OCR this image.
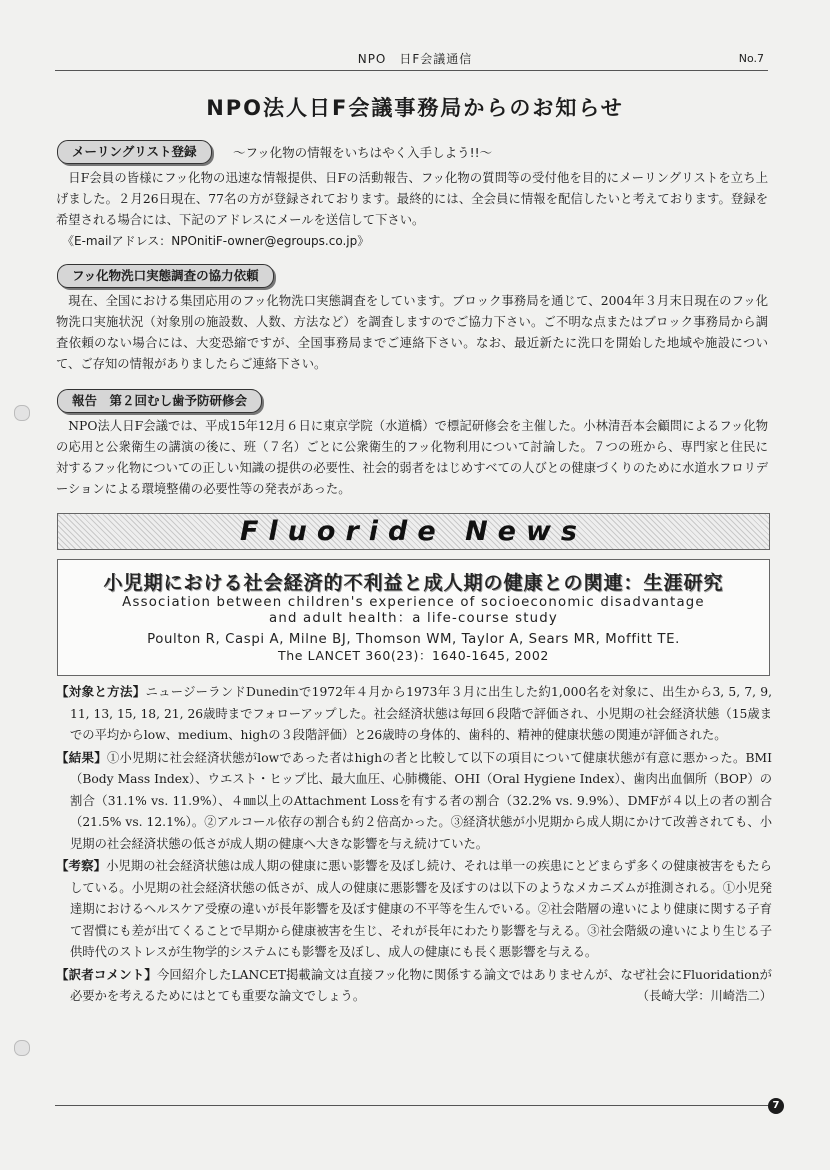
NPO　日F会議通信	No.7
NPO法人日F会議事務局からのお知らせ
メーリングリスト登録	～フッ化物の情報をいちはやく入手しよう!!～

日F会員の皆様にフッ化物の迅速な情報提供、日Fの活動報告、フッ化物の質問等の受付他を目的にメーリングリストを立ち上げました。２月26日現在、77名の方が登録されております。最終的には、全会員に情報を配信したいと考えております。登録を希望される場合には、下記のアドレスにメールを送信して下さい。

《E-mailアドレス：NPOnitiF-owner@egroups.co.jp》
フッ化物洗口実態調査の協力依頼

現在、全国における集団応用のフッ化物洗口実態調査をしています。ブロック事務局を通じて、2004年３月末日現在のフッ化物洗口実施状況（対象別の施設数、人数、方法など）を調査しますのでご協力下さい。ご不明な点またはブロック事務局から調査依頼のない場合には、大変恐縮ですが、全国事務局までご連絡下さい。なお、最近新たに洗口を開始した地域や施設について、ご存知の情報がありましたらご連絡下さい。

報告　第２回むし歯予防研修会

NPO法人日F会議では、平成15年12月６日に東京学院（水道橋）で標記研修会を主催した。小林清吾本会顧問によるフッ化物の応用と公衆衛生の講演の後に、班（７名）ごとに公衆衛生的フッ化物利用について討論した。７つの班から、専門家と住民に対するフッ化物についての正しい知識の提供の必要性、社会的弱者をはじめすべての人びとの健康づくりのために水道水フロリデーションによる環境整備の必要性等の発表があった。

Fluoride News
小児期における社会経済的不利益と成人期の健康との関連：生涯研究
Association between children's experience of socioeconomic disadvantage
and adult health：a life-course study
Poulton R, Caspi A, Milne BJ, Thomson WM, Taylor A, Sears MR, Moffitt TE.
The LANCET 360(23)：1640-1645, 2002

【対象と方法】ニュージーランドDunedinで1972年４月から1973年３月に出生した約1,000名を対象に、出生から3, 5, 7, 9, 11, 13, 15, 18, 21, 26歳時までフォローアップした。社会経済状態は毎回６段階で評価され、小児期の社会経済状態（15歳までの平均からlow、medium、highの３段階評価）と26歳時の身体的、歯科的、精神的健康状態の関連が評価された。

【結果】①小児期に社会経済状態がlowであった者はhighの者と比較して以下の項目について健康状態が有意に悪かった。BMI（Body Mass Index）、ウエスト・ヒップ比、最大血圧、心肺機能、OHI（Oral Hygiene Index）、歯肉出血個所（BOP）の割合（31.1% vs. 11.9%）、４㎜以上のAttachment Lossを有する者の割合（32.2% vs. 9.9%）、DMFが４以上の者の割合（21.5% vs. 12.1%）。②アルコール依存の割合も約２倍高かった。③経済状態が小児期から成人期にかけて改善されても、小児期の社会経済状態の低さが成人期の健康へ大きな影響を与え続けていた。

【考察】小児期の社会経済状態は成人期の健康に悪い影響を及ぼし続け、それは単一の疾患にとどまらず多くの健康被害をもたらしている。小児期の社会経済状態の低さが、成人の健康に悪影響を及ぼすのは以下のようなメカニズムが推測される。①小児発達期におけるヘルスケア受療の違いが長年影響を及ぼす健康の不平等を生んでいる。②社会階層の違いにより健康に関する子育て習慣にも差が出てくることで早期から健康被害を生じ、それが長年にわたり影響を与える。③社会階級の違いにより生じる子供時代のストレスが生物学的システムにも影響を及ぼし、成人の健康にも長く悪影響を与える。

【訳者コメント】今回紹介したLANCET掲載論文は直接フッ化物に関係する論文ではありませんが、なぜ社会にFluoridationが必要かを考えるためにはとても重要な論文でしょう。	（長崎大学：川崎浩二）

7
